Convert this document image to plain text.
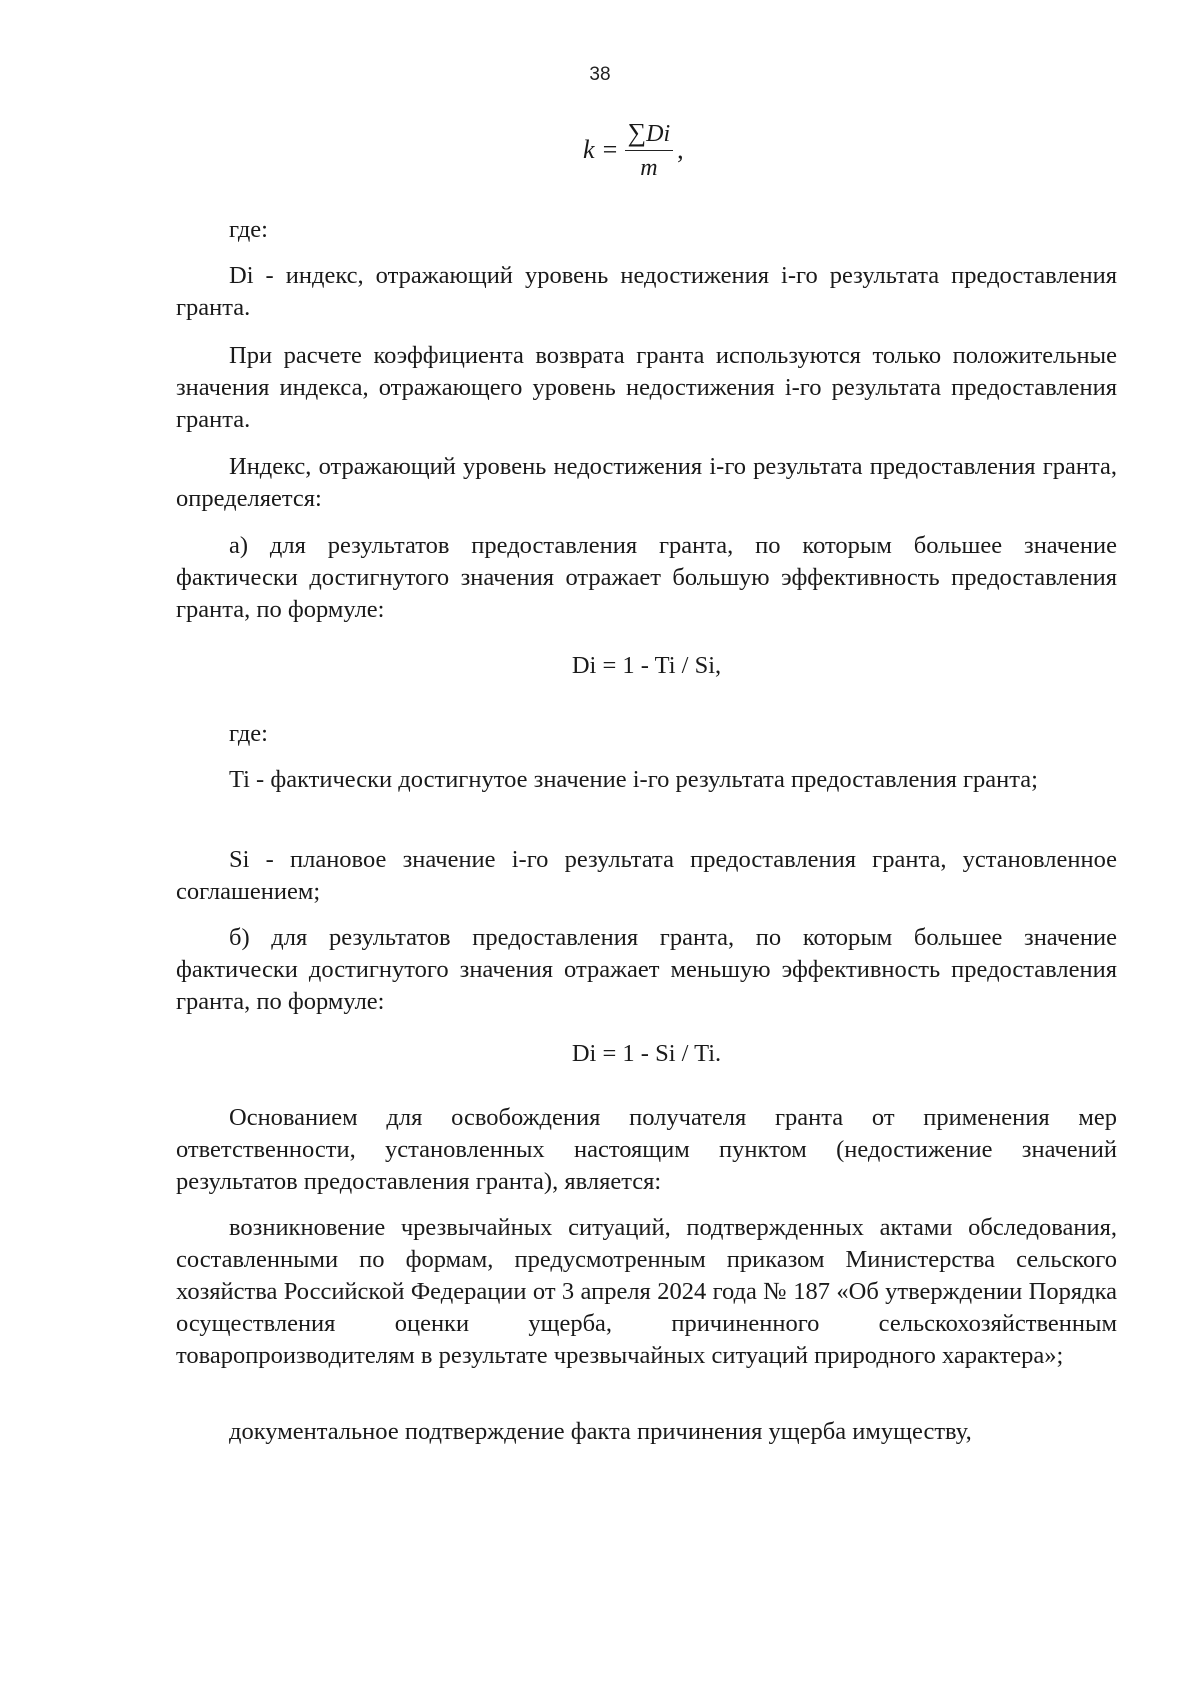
38
$k = \frac{\sum Di}{m}$ ,

где:

Di - индекс, отражающий уровень недостижения i-го результата предоставления гранта.

При расчете коэффициента возврата гранта используются только положительные значения индекса, отражающего уровень недостижения i-го результата предоставления гранта.

Индекс, отражающий уровень недостижения i-го результата предоставления гранта, определяется:

а) для результатов предоставления гранта, по которым большее значение фактически достигнутого значения отражает большую эффективность предоставления гранта, по формуле:

Di = 1 - Ti / Si,

где:

Ti - фактически достигнутое значение i-го результата предоставления гранта;

Si - плановое значение i-го результата предоставления гранта, установленное соглашением;

б) для результатов предоставления гранта, по которым большее значение фактически достигнутого значения отражает меньшую эффективность предоставления гранта, по формуле:

Di = 1 - Si / Ti.

Основанием для освобождения получателя гранта от применения мер ответственности, установленных настоящим пунктом (недостижение значений результатов предоставления гранта), является:

возникновение чрезвычайных ситуаций, подтвержденных актами обследования, составленными по формам, предусмотренным приказом Министерства сельского хозяйства Российской Федерации от 3 апреля 2024 года № 187 «Об утверждении Порядка осуществления оценки ущерба, причиненного сельскохозяйственным товаропроизводителям в результате чрезвычайных ситуаций природного характера»;

документальное подтверждение факта причинения ущерба имуществу,
